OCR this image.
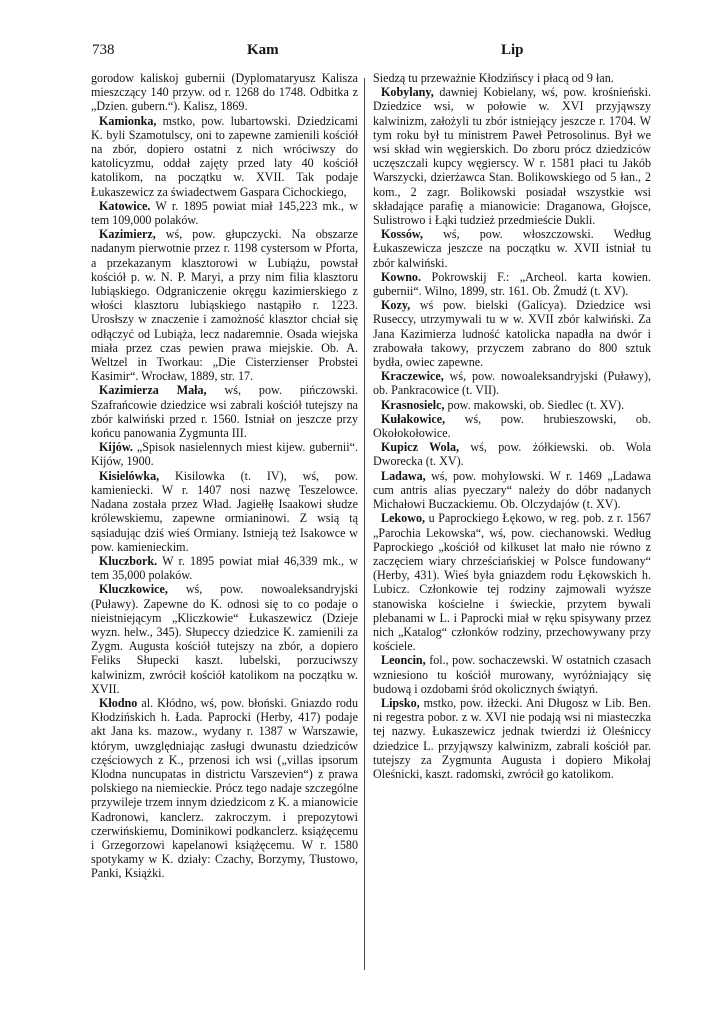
738	Kam	Lip

gorodow kaliskoj gubernii (Dyplomataryusz Kalisza mieszczący 140 przyw. od r. 1268 do 1748. Odbitka z „Dzien. gubern.“). Kalisz, 1869.

Kamionka, mstko, pow. lubartowski. Dziedzicami K. byli Szamotulscy, oni to zapewne zamienili kościół na zbór, dopiero ostatni z nich wróciwszy do katolicyzmu, oddał zajęty przed laty 40 kościół katolikom, na początku w. XVII. Tak podaje Łukaszewicz za świadectwem Gaspara Cichockiego,

Katowice. W r. 1895 powiat miał 145,223 mk., w tem 109,000 polaków.

Kazimierz, wś, pow. głupczycki. Na obszarze nadanym pierwotnie przez r. 1198 cystersom w Pforta, a przekazanym klasztorowi w Lubiążu, powstał kościół p. w. N. P. Maryi, a przy nim filia klasztoru lubiąskiego. Odgraniczenie okręgu kazimierskiego z włości klasztoru lubiąskiego nastąpiło r. 1223. Urosłszy w znaczenie i zamożność klasztor chciał się odłączyć od Lubiąża, lecz nadaremnie. Osada wiejska miała przez czas pewien prawa miejskie. Ob. A. Weltzel in Tworkau: „Die Cisterzienser Probstei Kasimir“. Wrocław, 1889, str. 17.

Kazimierza Mała, wś, pow. pińczowski. Szafrańcowie dziedzice wsi zabrali kościół tutejszy na zbór kalwiński przed r. 1560. Istniał on jeszcze przy końcu panowania Zygmunta III.

Kijów. „Spisok nasielennych miest kijew. gubernii“. Kijów, 1900.

Kisielówka, Kisilowka (t. IV), wś, pow. kamieniecki. W r. 1407 nosi nazwę Teszelowce. Nadana została przez Wład. Jagiełłę Isaakowi słudze królewskiemu, zapewne ormianinowi. Z wsią tą sąsiadując dziś wieś Ormiany. Istnieją też Isakowce w pow. kamienieckim.

Kluczbork. W r. 1895 powiat miał 46,339 mk., w tem 35,000 polaków.

Kluczkowice, wś, pow. nowoaleksandryjski (Puławy). Zapewne do K. odnosi się to co podaje o nieistniejącym „Kliczkowie“ Łukaszewicz (Dzieje wyzn. helw., 345). Słupeccy dziedzice K. zamienili za Zygm. Augusta kościół tutejszy na zbór, a dopiero Feliks Słupecki kaszt. lubelski, porzuciwszy kalwinizm, zwrócił kościół katolikom na początku w. XVII.

Kłodno al. Kłódno, wś, pow. błoński. Gniazdo rodu Kłodzińskich h. Łada. Paprocki (Herby, 417) podaje akt Jana ks. mazow., wydany r. 1387 w Warszawie, którym, uwzględniając zasługi dwunastu dziedziców częściowych z K., przenosi ich wsi („villas ipsorum Klodna nuncupatas in districtu Varszevien“) z prawa polskiego na niemieckie. Prócz tego nadaje szczególne przywileje trzem innym dziedzicom z K. a mianowicie Kadronowi, kanclerz. zakroczym. i prepozytowi czerwińskiemu, Dominikowi podkanclerz. książęcemu i Grzegorzowi kapelanowi książęcemu. W r. 1580 spotykamy w K. działy: Czachy, Borzymy, Tłustowo, Panki, Książki.

Siedzą tu przeważnie Kłodzińscy i płacą od 9 łan.

Kobylany, dawniej Kobielany, wś, pow. krośnieński. Dziedzice wsi, w połowie w. XVI przyjąwszy kalwinizm, założyli tu zbór istniejący jeszcze r. 1704. W tym roku był tu ministrem Paweł Petrosolinus. Był we wsi skład win węgierskich. Do zboru prócz dziedziców uczęszczali kupcy węgierscy. W r. 1581 płaci tu Jakób Warszycki, dzierżawca Stan. Bolikowskiego od 5 łan., 2 kom., 2 zagr. Bolikowski posiadał wszystkie wsi składające parafię a mianowicie: Draganowa, Głojsce, Sulistrowo i Łąki tudzież przedmieście Dukli.

Kossów, wś, pow. włoszczowski. Według Łukaszewicza jeszcze na początku w. XVII istniał tu zbór kalwiński.

Kowno. Pokrowskij F.: „Archeol. karta kowien. gubernii“. Wilno, 1899, str. 161. Ob. Żmudź (t. XV).

Kozy, wś pow. bielski (Galicya). Dziedzice wsi Ruseccy, utrzymywali tu w w. XVII zbór kalwiński. Za Jana Kazimierza ludność katolicka napadła na dwór i zrabowała takowy, przyczem zabrano do 800 sztuk bydła, owiec zapewne.

Kraczewice, wś, pow. nowoaleksandryjski (Puławy), ob. Pankracowice (t. VII).

Krasnosielc, pow. makowski, ob. Siedlec (t. XV).

Kułakowice, wś, pow. hrubieszowski, ob. Okołokołowice.

Kupicz Wola, wś, pow. żółkiewski. ob. Wola Dworecka (t. XV).

Ladawa, wś, pow. mohylowski. W r. 1469 „Ladawa cum antris alias pyeczary“ należy do dóbr nadanych Michałowi Buczackiemu. Ob. Olczydajów (t. XV).

Lekowo, u Paprockiego Łękowo, w reg. pob. z r. 1567 „Parochia Lekowska“, wś, pow. ciechanowski. Według Paprockiego „kościół od kilkuset lat mało nie równo z zaczęciem wiary chrześciańskiej w Polsce fundowany“ (Herby, 431). Wieś była gniazdem rodu Łękowskich h. Lubicz. Członkowie tej rodziny zajmowali wyższe stanowiska kościelne i świeckie, przytem bywali plebanami w L. i Paprocki miał w ręku spisywany przez nich „Katalog“ członków rodziny, przechowywany przy kościele.

Leoncin, fol., pow. sochaczewski. W ostatnich czasach wzniesiono tu kościół murowany, wyróżniający się budową i ozdobami śród okolicznych świątyń.

Lipsko, mstko, pow. iłżecki. Ani Długosz w Lib. Ben. ni regestra pobor. z w. XVI nie podają wsi ni miasteczka tej nazwy. Łukaszewicz jednak twierdzi iż Oleśniccy dziedzice L. przyjąwszy kalwinizm, zabrali kościół par. tutejszy za Zygmunta Augusta i dopiero Mikołaj Oleśnicki, kaszt. radomski, zwrócił go katolikom.
